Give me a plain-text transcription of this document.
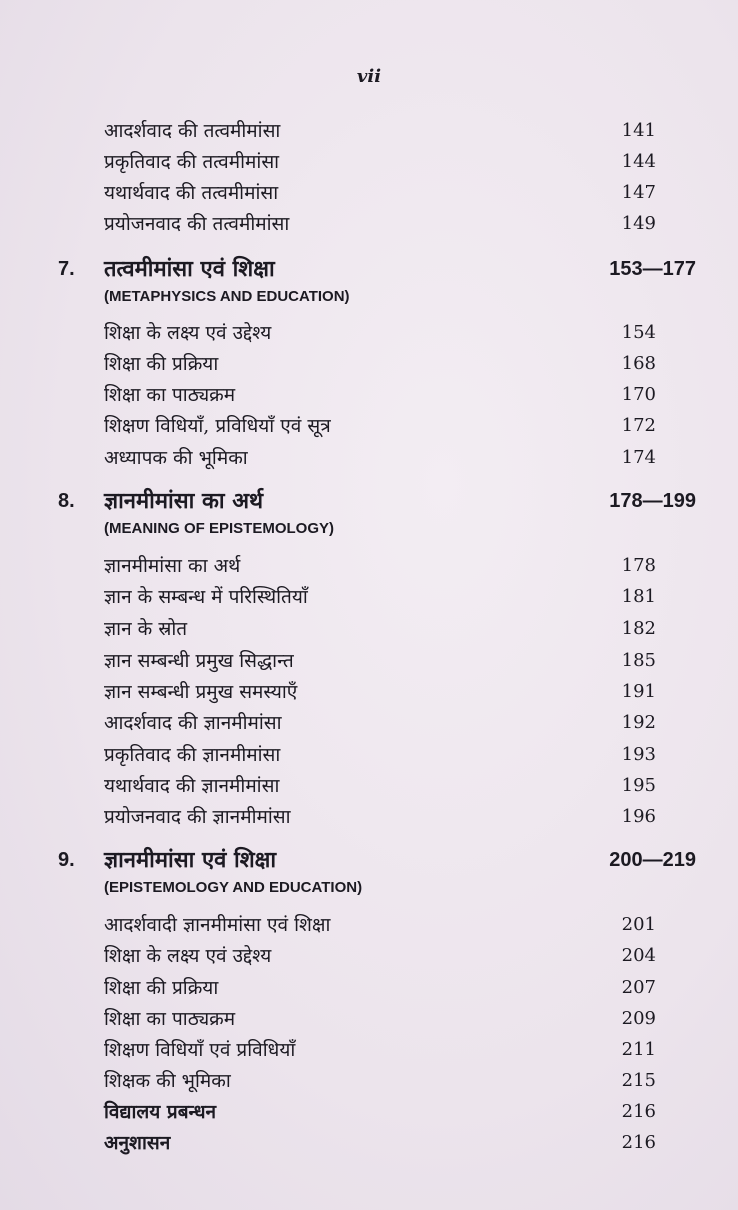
vii
आदर्शवाद की तत्वमीमांसा	141
प्रकृतिवाद की तत्वमीमांसा	144
यथार्थवाद की तत्वमीमांसा	147
प्रयोजनवाद की तत्वमीमांसा	149
7. तत्वमीमांसा एवं शिक्षा	153—177
(METAPHYSICS AND EDUCATION)
शिक्षा के लक्ष्य एवं उद्देश्य	154
शिक्षा की प्रक्रिया	168
शिक्षा का पाठ्यक्रम	170
शिक्षण विधियाँ, प्रविधियाँ एवं सूत्र	172
अध्यापक की भूमिका	174
8. ज्ञानमीमांसा का अर्थ	178—199
(MEANING OF EPISTEMOLOGY)
ज्ञानमीमांसा का अर्थ	178
ज्ञान के सम्बन्ध में परिस्थितियाँ	181
ज्ञान के स्रोत	182
ज्ञान सम्बन्धी प्रमुख सिद्धान्त	185
ज्ञान सम्बन्धी प्रमुख समस्याएँ	191
आदर्शवाद की ज्ञानमीमांसा	192
प्रकृतिवाद की ज्ञानमीमांसा	193
यथार्थवाद की ज्ञानमीमांसा	195
प्रयोजनवाद की ज्ञानमीमांसा	196
9. ज्ञानमीमांसा एवं शिक्षा	200—219
(EPISTEMOLOGY AND EDUCATION)
आदर्शवादी ज्ञानमीमांसा एवं शिक्षा	201
शिक्षा के लक्ष्य एवं उद्देश्य	204
शिक्षा की प्रक्रिया	207
शिक्षा का पाठ्यक्रम	209
शिक्षण विधियाँ एवं प्रविधियाँ	211
शिक्षक की भूमिका	215
विद्यालय प्रबन्धन	216
अनुशासन	216
